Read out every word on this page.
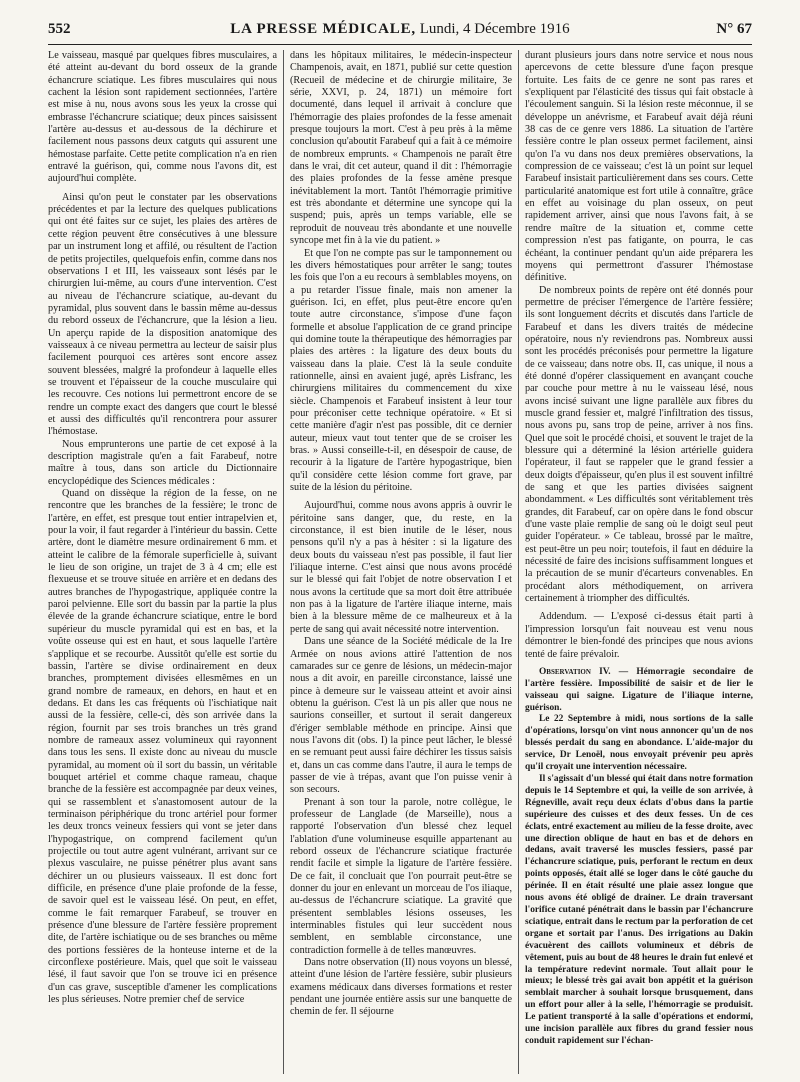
552	LA PRESSE MÉDICALE, Lundi, 4 Décembre 1916	N° 67

Le vaisseau, masqué par quelques fibres musculaires, a été atteint au-devant du bord osseux de la grande échancrure sciatique. Les fibres musculaires qui nous cachent la lésion sont rapidement sectionnées, l'artère est mise à nu, nous avons sous les yeux la crosse qui embrasse l'échancrure sciatique; deux pinces saisissent l'artère au-dessus et au-dessous de la déchirure et facilement nous passons deux catguts qui assurent une hémostase parfaite. Cette petite complication n'a en rien entravé la guérison, qui, comme nous l'avons dit, est aujourd'hui complète.

Ainsi qu'on peut le constater par les observations précédentes et par la lecture des quelques publications qui ont été faites sur ce sujet, les plaies des artères de cette région peuvent être consécutives à une blessure par un instrument long et affilé, ou résultent de l'action de petits projectiles, quelquefois enfin, comme dans nos observations I et III, les vaisseaux sont lésés par le chirurgien lui-même, au cours d'une intervention. C'est au niveau de l'échancrure sciatique, au-devant du pyramidal, plus souvent dans le bassin même au-dessus du rebord osseux de l'échancrure, que la lésion a lieu. Un aperçu rapide de la disposition anatomique des vaisseaux à ce niveau permettra au lecteur de saisir plus facilement pourquoi ces artères sont encore assez souvent blessées, malgré la profondeur à laquelle elles se trouvent et l'épaisseur de la couche musculaire qui les recouvre. Ces notions lui permettront encore de se rendre un compte exact des dangers que court le blessé et aussi des difficultés qu'il rencontrera pour assurer l'hémostase.

Nous emprunterons une partie de cet exposé à la description magistrale qu'en a fait Farabeuf, notre maître à tous, dans son article du Dictionnaire encyclopédique des Sciences médicales :

Quand on dissèque la région de la fesse, on ne rencontre que les branches de la fessière; le tronc de l'artère, en effet, est presque tout entier intrapelvien et, pour la voir, il faut regarder à l'intérieur du bassin. Cette artère, dont le diamètre mesure ordinairement 6 mm. et atteint le calibre de la fémorale superficielle à, suivant le lieu de son origine, un trajet de 3 à 4 cm; elle est flexueuse et se trouve située en arrière et en dedans des autres branches de l'hypogastrique, appliquée contre la paroi pelvienne. Elle sort du bassin par la partie la plus élevée de la grande échancrure sciatique, entre le bord supérieur du muscle pyramidal qui est en bas, et la voûte osseuse qui est en haut, et sous laquelle l'artère s'applique et se recourbe. Aussitôt qu'elle est sortie du bassin, l'artère se divise ordinairement en deux branches, promptement divisées ellesmêmes en un grand nombre de rameaux, en dehors, en haut et en dedans. Et dans les cas fréquents où l'ischiatique nait aussi de la fessière, celle-ci, dès son arrivée dans la région, fournit par ses trois branches un très grand nombre de rameaux assez volumineux qui rayonnent dans tous les sens. Il existe donc au niveau du muscle pyramidal, au moment où il sort du bassin, un véritable bouquet artériel et comme chaque rameau, chaque branche de la fessière est accompagnée par deux veines, qui se rassemblent et s'anastomosent autour de la terminaison périphérique du tronc artériel pour former les deux troncs veineux fessiers qui vont se jeter dans l'hypogastrique, on comprend facilement qu'un projectile ou tout autre agent vulnérant, arrivant sur ce plexus vasculaire, ne puisse pénétrer plus avant sans déchirer un ou plusieurs vaisseaux. Il est donc fort difficile, en présence d'une plaie profonde de la fesse, de savoir quel est le vaisseau lésé. On peut, en effet, comme le fait remarquer Farabeuf, se trouver en présence d'une blessure de l'artère fessière proprement dite, de l'artère ischiatique ou de ses branches ou même des portions fessières de la honteuse interne et de la circonflexe postérieure. Mais, quel que soit le vaisseau lésé, il faut savoir que l'on se trouve ici en présence d'un cas grave, susceptible d'amener les complications les plus sérieuses. Notre premier chef de service

dans les hôpitaux militaires, le médecin-inspecteur Champenois, avait, en 1871, publié sur cette question (Recueil de médecine et de chirurgie militaire, 3e série, XXVI, p. 24, 1871) un mémoire fort documenté, dans lequel il arrivait à conclure que l'hémorragie des plaies profondes de la fesse amenait presque toujours la mort. C'est à peu près à la même conclusion qu'aboutit Farabeuf qui a fait à ce mémoire de nombreux emprunts. « Champenois ne paraît être dans le vrai, dit cet auteur, quand il dit : l'hémorragie des plaies profondes de la fesse amène presque inévitablement la mort. Tantôt l'hémorragie primitive est très abondante et détermine une syncope qui la suspend; puis, après un temps variable, elle se reproduit de nouveau très abondante et une nouvelle syncope met fin à la vie du patient. »

Et que l'on ne compte pas sur le tamponnement ou les divers hémostatiques pour arrêter le sang; toutes les fois que l'on a eu recours à semblables moyens, on a pu retarder l'issue finale, mais non amener la guérison. Ici, en effet, plus peut-être encore qu'en toute autre circonstance, s'impose d'une façon formelle et absolue l'application de ce grand principe qui domine toute la thérapeutique des hémorragies par plaies des artères : la ligature des deux bouts du vaisseau dans la plaie. C'est là la seule conduite rationnelle, ainsi en avaient jugé, après Lisfranc, les chirurgiens militaires du commencement du xixe siècle. Champenois et Farabeuf insistent à leur tour pour préconiser cette technique opératoire. « Et si cette manière d'agir n'est pas possible, dit ce dernier auteur, mieux vaut tout tenter que de se croiser les bras. » Aussi conseille-t-il, en désespoir de cause, de recourir à la ligature de l'artère hypogastrique, bien qu'il considère cette lésion comme fort grave, par suite de la lésion du péritoine.

Aujourd'hui, comme nous avons appris à ouvrir le péritoine sans danger, que, du reste, en la circonstance, il est bien inutile de le léser, nous pensons qu'il n'y a pas à hésiter : si la ligature des deux bouts du vaisseau n'est pas possible, il faut lier l'iliaque interne. C'est ainsi que nous avons procédé sur le blessé qui fait l'objet de notre observation I et nous avons la certitude que sa mort doit être attribuée non pas à la ligature de l'artère iliaque interne, mais bien à la blessure même de ce malheureux et à la perte de sang qui avait nécessité notre intervention.

Dans une séance de la Société médicale de la Ire Armée on nous avions attiré l'attention de nos camarades sur ce genre de lésions, un médecin-major nous a dit avoir, en pareille circonstance, laissé une pince à demeure sur le vaisseau atteint et avoir ainsi obtenu la guérison. C'est là un pis aller que nous ne saurions conseiller, et surtout il serait dangereux d'ériger semblable méthode en principe. Ainsi que nous l'avons dit (obs. I) la pince peut lâcher, le blessé en se remuant peut aussi faire déchirer les tissus saisis et, dans un cas comme dans l'autre, il aura le temps de passer de vie à trépas, avant que l'on puisse venir à son secours.

Prenant à son tour la parole, notre collègue, le professeur de Langlade (de Marseille), nous a rapporté l'observation d'un blessé chez lequel l'ablation d'une volumineuse esquille appartenant au rebord osseux de l'échancrure sciatique fracturée rendit facile et simple la ligature de l'artère fessière. De ce fait, il concluait que l'on pourrait peut-être se donner du jour en enlevant un morceau de l'os iliaque, au-dessus de l'échancrure sciatique. La gravité que présentent semblables lésions osseuses, les interminables fistules qui leur succèdent nous semblent, en semblable circonstance, une contradiction formelle à de telles manœuvres.

Dans notre observation (II) nous voyons un blessé, atteint d'une lésion de l'artère fessière, subir plusieurs examens médicaux dans diverses formations et rester pendant une journée entière assis sur une banquette de chemin de fer. Il séjourne

durant plusieurs jours dans notre service et nous nous apercevons de cette blessure d'une façon presque fortuite. Les faits de ce genre ne sont pas rares et s'expliquent par l'élasticité des tissus qui fait obstacle à l'écoulement sanguin. Si la lésion reste méconnue, il se développe un anévrisme, et Farabeuf avait déjà réuni 38 cas de ce genre vers 1886. La situation de l'artère fessière contre le plan osseux permet facilement, ainsi qu'on l'a vu dans nos deux premières observations, la compression de ce vaisseau; c'est là un point sur lequel Farabeuf insistait particulièrement dans ses cours. Cette particularité anatomique est fort utile à connaître, grâce en effet au voisinage du plan osseux, on peut rapidement arriver, ainsi que nous l'avons fait, à se rendre maître de la situation et, comme cette compression n'est pas fatigante, on pourra, le cas échéant, la continuer pendant qu'un aide préparera les moyens qui permettront d'assurer l'hémostase définitive.

De nombreux points de repère ont été donnés pour permettre de préciser l'émergence de l'artère fessière; ils sont longuement décrits et discutés dans l'article de Farabeuf et dans les divers traités de médecine opératoire, nous n'y reviendrons pas. Nombreux aussi sont les procédés préconisés pour permettre la ligature de ce vaisseau; dans notre obs. II, cas unique, il nous a été donné d'opérer classiquement en avançant couche par couche pour mettre à nu le vaisseau lésé, nous avons incisé suivant une ligne parallèle aux fibres du muscle grand fessier et, malgré l'infiltration des tissus, nous avons pu, sans trop de peine, arriver à nos fins. Quel que soit le procédé choisi, et souvent le trajet de la blessure qui a déterminé la lésion artérielle guidera l'opérateur, il faut se rappeler que le grand fessier a deux doigts d'épaisseur, qu'en plus il est souvent infiltré de sang et que les parties divisées saignent abondamment. « Les difficultés sont véritablement très grandes, dit Farabeuf, car on opère dans le fond obscur d'une vaste plaie remplie de sang où le doigt seul peut guider l'opérateur. » Ce tableau, brossé par le maître, est peut-être un peu noir; toutefois, il faut en déduire la nécessité de faire des incisions suffisamment longues et la précaution de se munir d'écarteurs convenables. En procédant alors méthodiquement, on arrivera certainement à triompher des difficultés.

Addendum. — L'exposé ci-dessus était parti à l'impression lorsqu'un fait nouveau est venu nous démontrer le bien-fondé des principes que nous avions tenté de faire prévaloir.

Observation IV. — Hémorragie secondaire de l'artère fessière. Impossibilité de saisir et de lier le vaisseau qui saigne. Ligature de l'iliaque interne, guérison.

Le 22 Septembre à midi, nous sortions de la salle d'opérations, lorsqu'on vint nous annoncer qu'un de nos blessés perdait du sang en abondance. L'aide-major du service, Dr Lenoël, nous envoyait prévenir peu après qu'il croyait une intervention nécessaire.

Il s'agissait d'un blessé qui était dans notre formation depuis le 14 Septembre et qui, la veille de son arrivée, à Régneville, avait reçu deux éclats d'obus dans la partie supérieure des cuisses et des deux fesses. Un de ces éclats, entré exactement au milieu de la fesse droite, avec une direction oblique de haut en bas et de dehors en dedans, avait traversé les muscles fessiers, passé par l'échancrure sciatique, puis, perforant le rectum en deux points opposés, était allé se loger dans le côté gauche du périnée. Il en était résulté une plaie assez longue que nous avons été obligé de drainer. Le drain traversant l'orifice cutané pénétrait dans le bassin par l'échancrure sciatique, entrait dans le rectum par la perforation de cet organe et sortait par l'anus. Des irrigations au Dakin évacuèrent des caillots volumineux et débris de vêtement, puis au bout de 48 heures le drain fut enlevé et la température redevint normale. Tout allait pour le mieux; le blessé très gai avait bon appétit et la guérison semblait marcher à souhait lorsque brusquement, dans un effort pour aller à la selle, l'hémorragie se produisit. Le patient transporté à la salle d'opérations et endormi, une incision parallèle aux fibres du grand fessier nous conduit rapidement sur l'échan-
